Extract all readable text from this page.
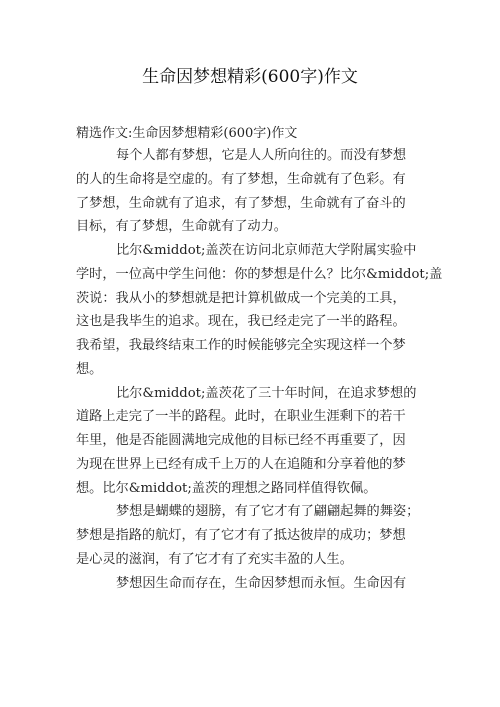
生命因梦想精彩(600字)作文
精选作文:生命因梦想精彩(600字)作文
每个人都有梦想，它是人人所向往的。而没有梦想
的人的生命将是空虚的。有了梦想，生命就有了色彩。有
了梦想，生命就有了追求，有了梦想，生命就有了奋斗的
目标，有了梦想，生命就有了动力。
比尔&middot;盖茨在访问北京师范大学附属实验中
学时，一位高中学生问他：你的梦想是什么？比尔&middot;盖
茨说：我从小的梦想就是把计算机做成一个完美的工具，
这也是我毕生的追求。现在，我已经走完了一半的路程。
我希望，我最终结束工作的时候能够完全实现这样一个梦
想。
比尔&middot;盖茨花了三十年时间，在追求梦想的
道路上走完了一半的路程。此时，在职业生涯剩下的若干
年里，他是否能圆满地完成他的目标已经不再重要了，因
为现在世界上已经有成千上万的人在追随和分享着他的梦
想。比尔&middot;盖茨的理想之路同样值得钦佩。
梦想是蝴蝶的翅膀，有了它才有了翩翩起舞的舞姿；
梦想是指路的航灯，有了它才有了抵达彼岸的成功；梦想
是心灵的滋润，有了它才有了充实丰盈的人生。
梦想因生命而存在，生命因梦想而永恒。生命因有
